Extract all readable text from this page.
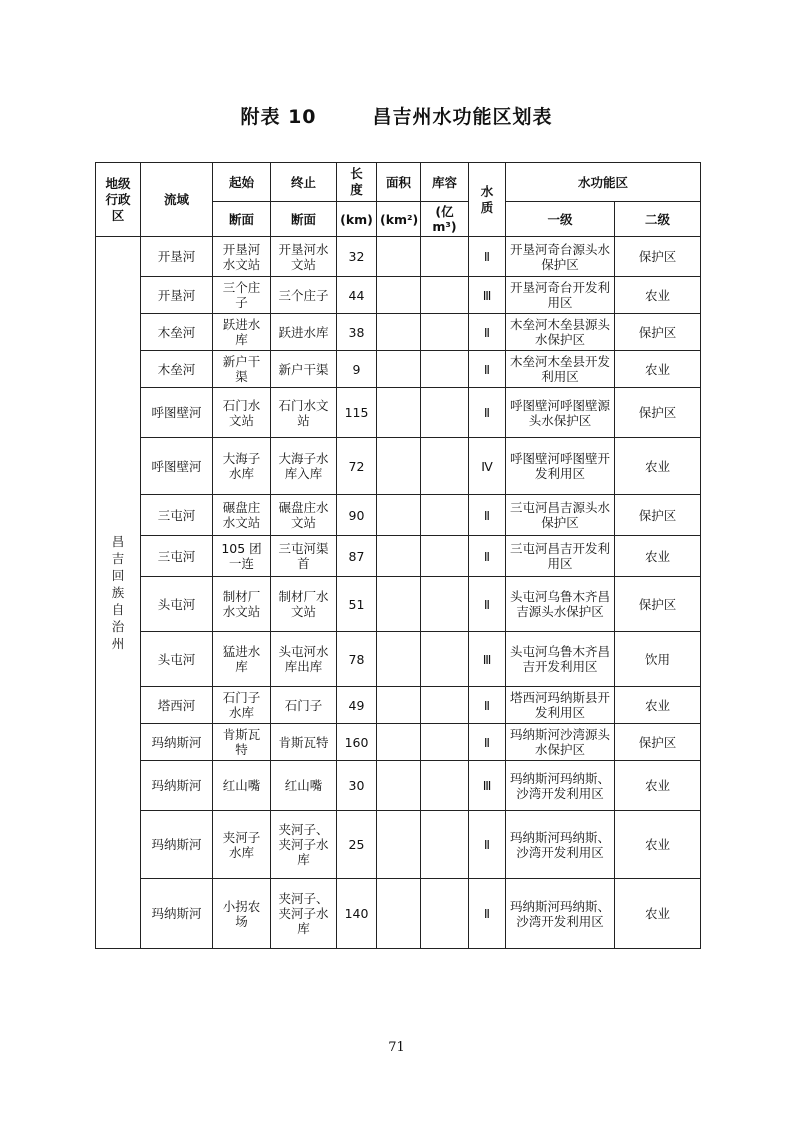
附表 10	昌吉州水功能区划表
地级行政区	流域	起始	终止	长度	面积	库容	水质	水功能区	
		断面	断面	(km)	(km²)	(亿 m³)		一级	二级

昌吉回族自治州	开垦河	开垦河水文站	开垦河水文站	32			Ⅱ	开垦河奇台源头水保护区	保护区
	开垦河	三个庄子	三个庄子	44			Ⅲ	开垦河奇台开发利用区	农业
	木垒河	跃进水库	跃进水库	38			Ⅱ	木垒河木垒县源头水保护区	保护区
	木垒河	新户干渠	新户干渠	9			Ⅱ	木垒河木垒县开发利用区	农业
	呼图壁河	石门水文站	石门水文站	115			Ⅱ	呼图壁河呼图壁源头水保护区	保护区
	呼图壁河	大海子水库	大海子水库入库	72			Ⅳ	呼图壁河呼图壁开发利用区	农业
	三屯河	碾盘庄水文站	碾盘庄水文站	90			Ⅱ	三屯河昌吉源头水保护区	保护区
	三屯河	105 团一连	三屯河渠首	87			Ⅱ	三屯河昌吉开发利用区	农业
	头屯河	制材厂水文站	制材厂水文站	51			Ⅱ	头屯河乌鲁木齐昌吉源头水保护区	保护区
	头屯河	猛进水库	头屯河水库出库	78			Ⅲ	头屯河乌鲁木齐昌吉开发利用区	饮用
	塔西河	石门子水库	石门子	49			Ⅱ	塔西河玛纳斯县开发利用区	农业
	玛纳斯河	肯斯瓦特	肯斯瓦特	160			Ⅱ	玛纳斯河沙湾源头水保护区	保护区
	玛纳斯河	红山嘴	红山嘴	30			Ⅲ	玛纳斯河玛纳斯、沙湾开发利用区	农业
	玛纳斯河	夹河子水库	夹河子、夹河子水库	25			Ⅱ	玛纳斯河玛纳斯、沙湾开发利用区	农业
	玛纳斯河	小拐农场	夹河子、夹河子水库	140			Ⅱ	玛纳斯河玛纳斯、沙湾开发利用区	农业
71
